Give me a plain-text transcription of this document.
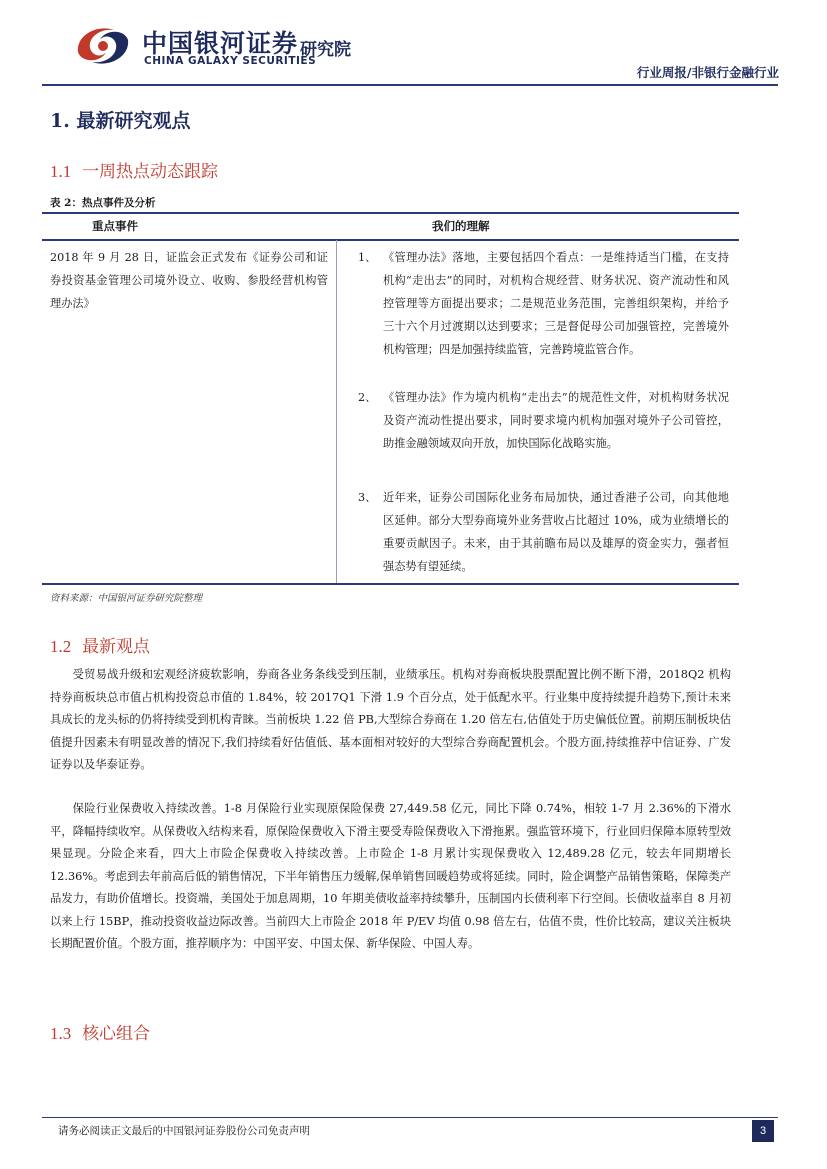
中国银河证券
CHINA GALAXY SECURITIES
研究院
行业周报/非银行金融行业
1. 最新研究观点
1.1 一周热点动态跟踪
表 2：热点事件及分析
重点事件	我们的理解
2018 年 9 月 28 日，证监会正式发布《证券公司和证券投资基金管理公司境外设立、收购、参股经营机构管理办法》
1、 《管理办法》落地，主要包括四个看点：一是维持适当门槛，在支持机构“走出去”的同时，对机构合规经营、财务状况、资产流动性和风控管理等方面提出要求；二是规范业务范围，完善组织架构，并给予三十六个月过渡期以达到要求；三是督促母公司加强管控，完善境外机构管理；四是加强持续监管，完善跨境监管合作。
2、 《管理办法》作为境内机构“走出去”的规范性文件，对机构财务状况及资产流动性提出要求，同时要求境内机构加强对境外子公司管控，助推金融领域双向开放，加快国际化战略实施。
3、 近年来，证券公司国际化业务布局加快，通过香港子公司，向其他地区延伸。部分大型券商境外业务营收占比超过 10%，成为业绩增长的重要贡献因子。未来，由于其前瞻布局以及雄厚的资金实力，强者恒强态势有望延续。
资料来源：中国银河证券研究院整理
1.2 最新观点
受贸易战升级和宏观经济疲软影响，券商各业务条线受到压制，业绩承压。机构对券商板块股票配置比例不断下滑，2018Q2 机构持券商板块总市值占机构投资总市值的 1.84%，较 2017Q1 下滑 1.9 个百分点，处于低配水平。行业集中度持续提升趋势下,预计未来具成长的龙头标的仍将持续受到机构青睐。当前板块 1.22 倍 PB,大型综合券商在 1.20 倍左右,估值处于历史偏低位置。前期压制板块估值提升因素未有明显改善的情况下,我们持续看好估值低、基本面相对较好的大型综合券商配置机会。个股方面,持续推荐中信证券、广发证券以及华泰证券。
保险行业保费收入持续改善。1-8 月保险行业实现原保险保费 27,449.58 亿元，同比下降 0.74%，相较 1-7 月 2.36%的下滑水平，降幅持续收窄。从保费收入结构来看，原保险保费收入下滑主要受寿险保费收入下滑拖累。强监管环境下，行业回归保障本原转型效果显现。分险企来看，四大上市险企保费收入持续改善。上市险企 1-8 月累计实现保费收入 12,489.28 亿元，较去年同期增长 12.36%。考虑到去年前高后低的销售情况，下半年销售压力缓解,保单销售回暖趋势或将延续。同时，险企调整产品销售策略，保障类产品发力，有助价值增长。投资端，美国处于加息周期，10 年期美债收益率持续攀升，压制国内长债利率下行空间。长债收益率自 8 月初以来上行 15BP，推动投资收益边际改善。当前四大上市险企 2018 年 P/EV 均值 0.98 倍左右，估值不贵，性价比较高，建议关注板块长期配置价值。个股方面，推荐顺序为：中国平安、中国太保、新华保险、中国人寿。
1.3 核心组合
请务必阅读正文最后的中国银河证券股份公司免责声明	3
